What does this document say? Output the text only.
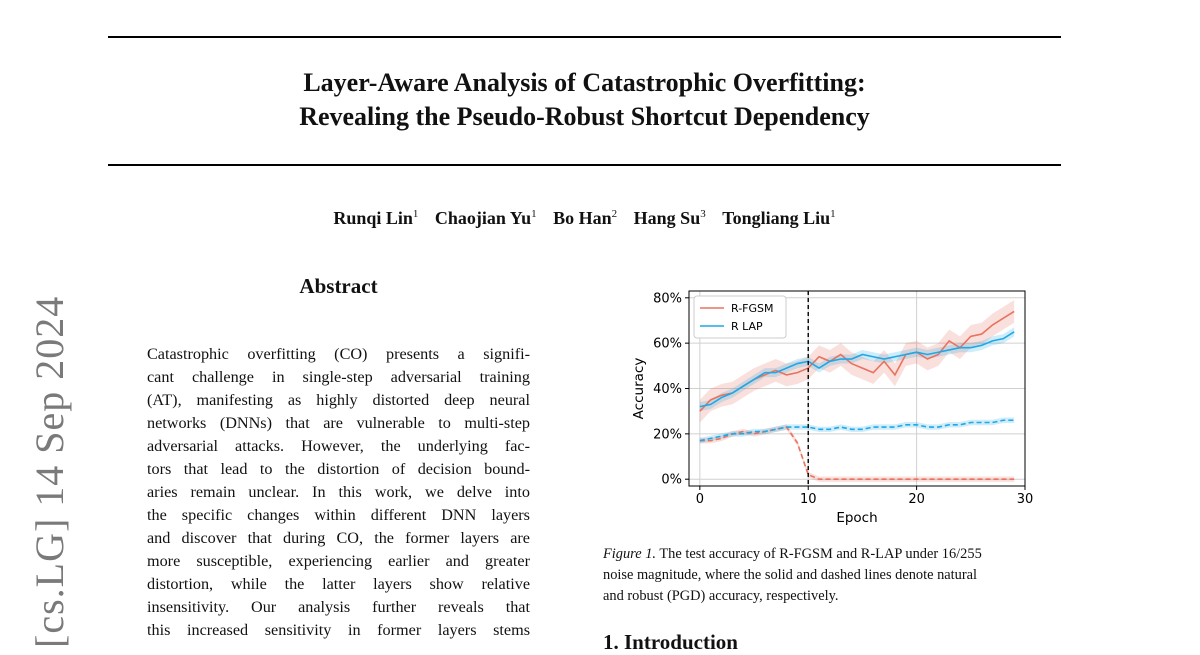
Layer-Aware Analysis of Catastrophic Overfitting:
Revealing the Pseudo-Robust Shortcut Dependency
Runqi Lin$^1$ Chaojian Yu$^1$ Bo Han$^2$ Hang Su$^3$ Tongliang Liu$^1$
[cs.LG] 14 Sep 2024
Abstract
Catastrophic overfitting (CO) presents a signifi-
cant challenge in single-step adversarial training
(AT), manifesting as highly distorted deep neural
networks (DNNs) that are vulnerable to multi-step
adversarial attacks. However, the underlying fac-
tors that lead to the distortion of decision bound-
aries remain unclear. In this work, we delve into
the specific changes within different DNN layers
and discover that during CO, the former layers are
more susceptible, experiencing earlier and greater
distortion, while the latter layers show relative
insensitivity. Our analysis further reveals that
this increased sensitivity in former layers stems
0	10	20	30
0%
20%
40%
60%
80%
Epoch
Accuracy
R-FGSM
R LAP
Figure 1. The test accuracy of R-FGSM and R-LAP under 16/255
noise magnitude, where the solid and dashed lines denote natural
and robust (PGD) accuracy, respectively.
1. Introduction
